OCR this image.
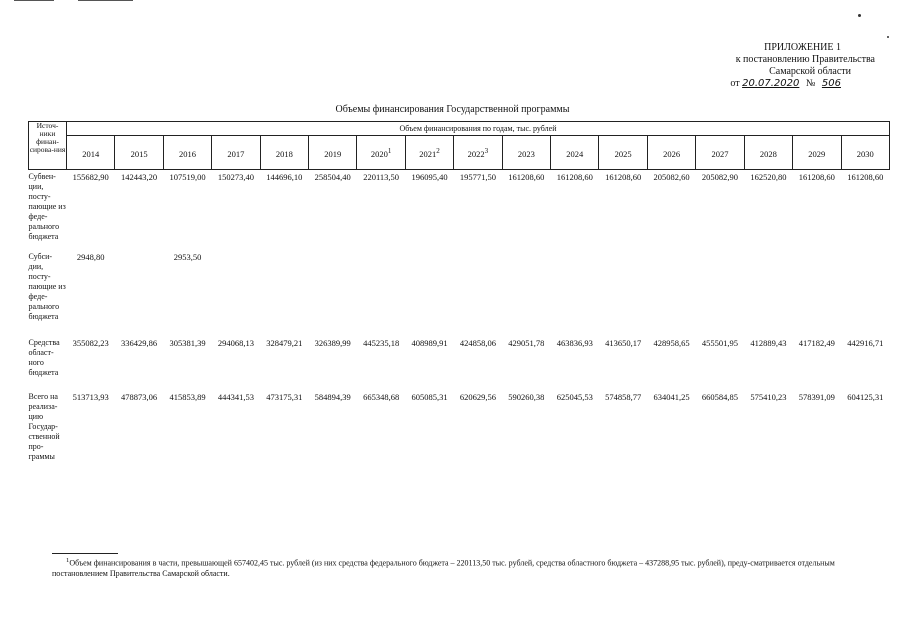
ПРИЛОЖЕНИЕ 1
к постановлению Правительства
Самарской области
от 20.07.2020 № 506
Объемы финансирования Государственной программы
Источ-ники финан-сирова-ния	Объем финансирования по годам, тыс. рублей																
	2014	2015	2016	2017	2018	2019	2020$^1$	2021$^2$	2022$^3$	2023	2024	2025	2026	2027	2028	2029	2030
Субвен-ции, посту-пающие из феде-рального бюджета	155682,90	142443,20	107519,00	150273,40	144696,10	258504,40	220113,50	196095,40	195771,50	161208,60	161208,60	161208,60	205082,60	205082,90	162520,80	161208,60	161208,60
Субси-дии, посту-пающие из феде-рального бюджета	2948,80		2953,50														
Средства област-ного бюджета	355082,23	336429,86	305381,39	294068,13	328479,21	326389,99	445235,18	408989,91	424858,06	429051,78	463836,93	413650,17	428958,65	455501,95	412889,43	417182,49	442916,71
Всего на реализа-цию Государ-ственной про-граммы	513713,93	478873,06	415853,89	444341,53	473175,31	584894,39	665348,68	605085,31	620629,56	590260,38	625045,53	574858,77	634041,25	660584,85	575410,23	578391,09	604125,31
$^1$Объем финансирования в части, превышающей 657402,45 тыс. рублей (из них средства федерального бюджета – 220113,50 тыс. рублей, средства областного бюджета – 437288,95 тыс. рублей), преду-сматривается отдельным постановлением Правительства Самарской области.
